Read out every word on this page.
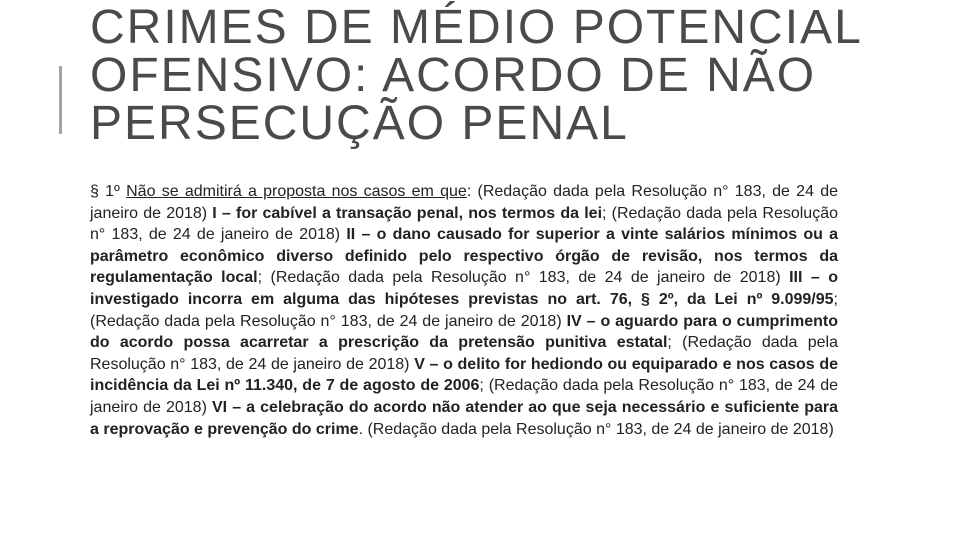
CRIMES DE MÉDIO POTENCIAL OFENSIVO: ACORDO DE NÃO PERSECUÇÃO PENAL

§ 1º Não se admitirá a proposta nos casos em que: (Redação dada pela Resolução n° 183, de 24 de janeiro de 2018) I – for cabível a transação penal, nos termos da lei; (Redação dada pela Resolução n° 183, de 24 de janeiro de 2018) II – o dano causado for superior a vinte salários mínimos ou a parâmetro econômico diverso definido pelo respectivo órgão de revisão, nos termos da regulamentação local; (Redação dada pela Resolução n° 183, de 24 de janeiro de 2018) III – o investigado incorra em alguma das hipóteses previstas no art. 76, § 2º, da Lei nº 9.099/95; (Redação dada pela Resolução n° 183, de 24 de janeiro de 2018) IV – o aguardo para o cumprimento do acordo possa acarretar a prescrição da pretensão punitiva estatal; (Redação dada pela Resolução n° 183, de 24 de janeiro de 2018) V – o delito for hediondo ou equiparado e nos casos de incidência da Lei nº 11.340, de 7 de agosto de 2006; (Redação dada pela Resolução n° 183, de 24 de janeiro de 2018) VI – a celebração do acordo não atender ao que seja necessário e suficiente para a reprovação e prevenção do crime. (Redação dada pela Resolução n° 183, de 24 de janeiro de 2018)
